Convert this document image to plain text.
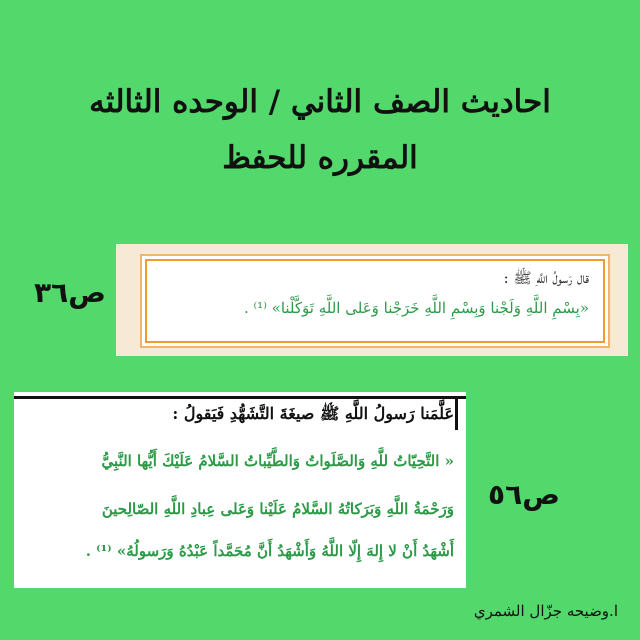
احاديث الصف الثاني / الوحده الثالثه
المقرره للحفظ
ص٣٦	قال رَسولُ اللَّهِ ﷺ :
«بِسْمِ اللَّهِ وَلَجْنا وَبِسْمِ اللَّهِ خَرَجْنا وَعَلى اللَّهِ تَوَكَّلْنا» ⁽¹⁾ .
عَلَّمَنا رَسولُ اللَّهِ ﷺ صيغَةَ التَّشَهُّدِ فَيَقولُ :
« التَّحِيّاتُ للَّهِ وَالصَّلَواتُ وَالطَّيِّباتُ السَّلامُ عَلَيْكَ أَيُّها النَّبِيُّ
وَرَحْمَةُ اللَّهِ وَبَرَكاتُهُ السَّلامُ عَلَيْنا وَعَلى عِبادِ اللَّهِ الصّالِحينَ
أَشْهَدُ أَنْ لا إِلهَ إِلّا اللَّهُ وَأَشْهَدُ أَنَّ مُحَمَّداً عَبْدُهُ وَرَسولُهُ» ⁽¹⁾ .
ص٥٦
ا.وضيحه جزّال الشمري
